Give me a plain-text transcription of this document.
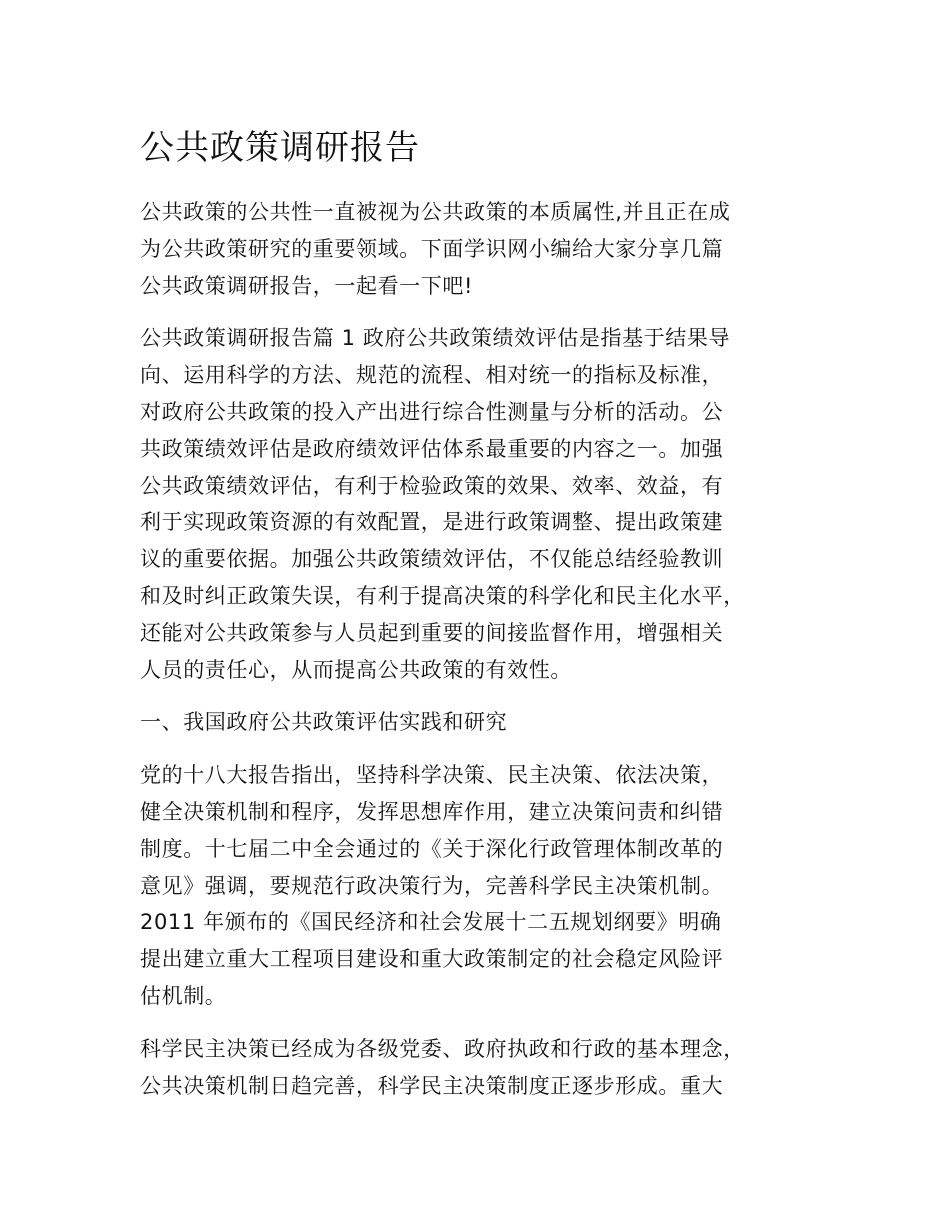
公共政策调研报告

公共政策的公共性一直被视为公共政策的本质属性,并且正在成
为公共政策研究的重要领域。下面学识网小编给大家分享几篇
公共政策调研报告，一起看一下吧!

公共政策调研报告篇 1 政府公共政策绩效评估是指基于结果导
向、运用科学的方法、规范的流程、相对统一的指标及标准，
对政府公共政策的投入产出进行综合性测量与分析的活动。公
共政策绩效评估是政府绩效评估体系最重要的内容之一。加强
公共政策绩效评估，有利于检验政策的效果、效率、效益，有
利于实现政策资源的有效配置，是进行政策调整、提出政策建
议的重要依据。加强公共政策绩效评估，不仅能总结经验教训
和及时纠正政策失误，有利于提高决策的科学化和民主化水平，
还能对公共政策参与人员起到重要的间接监督作用，增强相关
人员的责任心，从而提高公共政策的有效性。

一、我国政府公共政策评估实践和研究

党的十八大报告指出，坚持科学决策、民主决策、依法决策，
健全决策机制和程序，发挥思想库作用，建立决策问责和纠错
制度。十七届二中全会通过的《关于深化行政管理体制改革的
意见》强调，要规范行政决策行为，完善科学民主决策机制。
2011 年颁布的《国民经济和社会发展十二五规划纲要》明确
提出建立重大工程项目建设和重大政策制定的社会稳定风险评
估机制。

科学民主决策已经成为各级党委、政府执政和行政的基本理念，
公共决策机制日趋完善，科学民主决策制度正逐步形成。重大
